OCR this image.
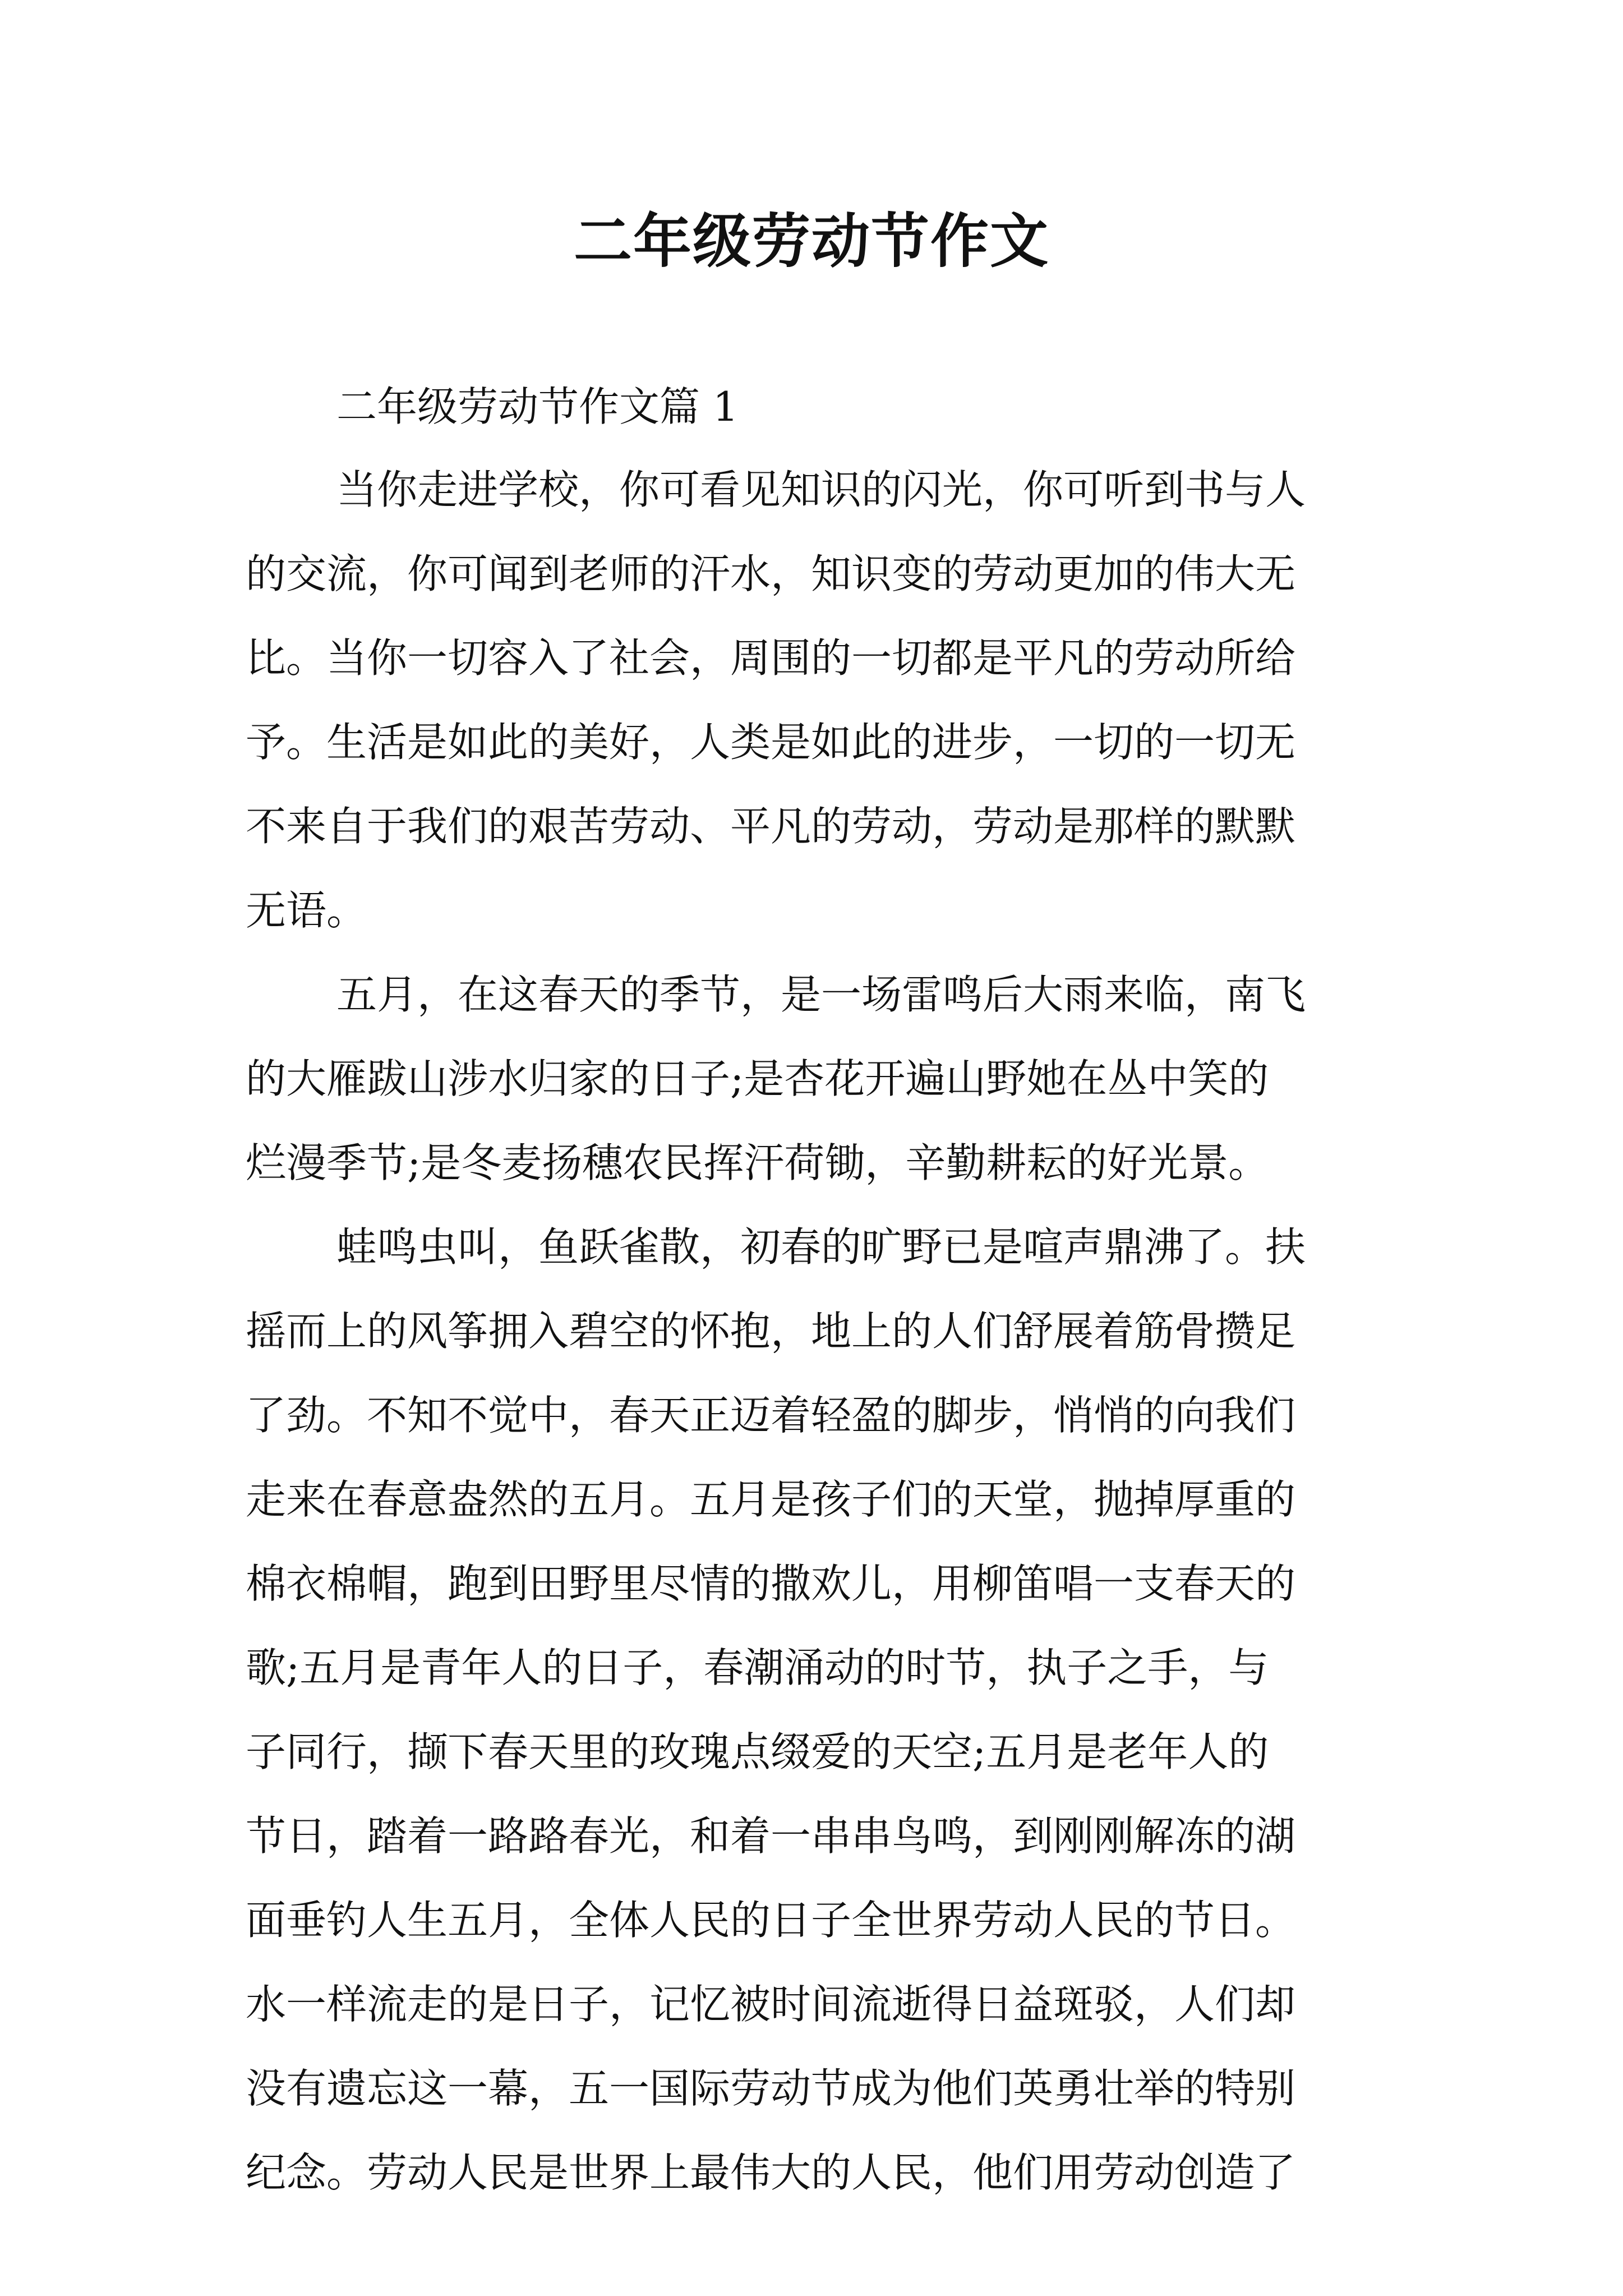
二年级劳动节作文
二年级劳动节作文篇 1
当你走进学校，你可看见知识的闪光，你可听到书与人
的交流，你可闻到老师的汗水，知识变的劳动更加的伟大无
比。当你一切容入了社会，周围的一切都是平凡的劳动所给
予。生活是如此的美好，人类是如此的进步，一切的一切无
不来自于我们的艰苦劳动、平凡的劳动，劳动是那样的默默
无语。
五月，在这春天的季节，是一场雷鸣后大雨来临，南飞
的大雁跋山涉水归家的日子;是杏花开遍山野她在丛中笑的
烂漫季节;是冬麦扬穗农民挥汗荷锄，辛勤耕耘的好光景。
蛙鸣虫叫，鱼跃雀散，初春的旷野已是喧声鼎沸了。扶
摇而上的风筝拥入碧空的怀抱，地上的人们舒展着筋骨攒足
了劲。不知不觉中，春天正迈着轻盈的脚步，悄悄的向我们
走来在春意盎然的五月。五月是孩子们的天堂，抛掉厚重的
棉衣棉帽，跑到田野里尽情的撒欢儿，用柳笛唱一支春天的
歌;五月是青年人的日子，春潮涌动的时节，执子之手，与
子同行，撷下春天里的玫瑰点缀爱的天空;五月是老年人的
节日，踏着一路路春光，和着一串串鸟鸣，到刚刚解冻的湖
面垂钓人生五月，全体人民的日子全世界劳动人民的节日。
水一样流走的是日子，记忆被时间流逝得日益斑驳，人们却
没有遗忘这一幕，五一国际劳动节成为他们英勇壮举的特别
纪念。劳动人民是世界上最伟大的人民，他们用劳动创造了
